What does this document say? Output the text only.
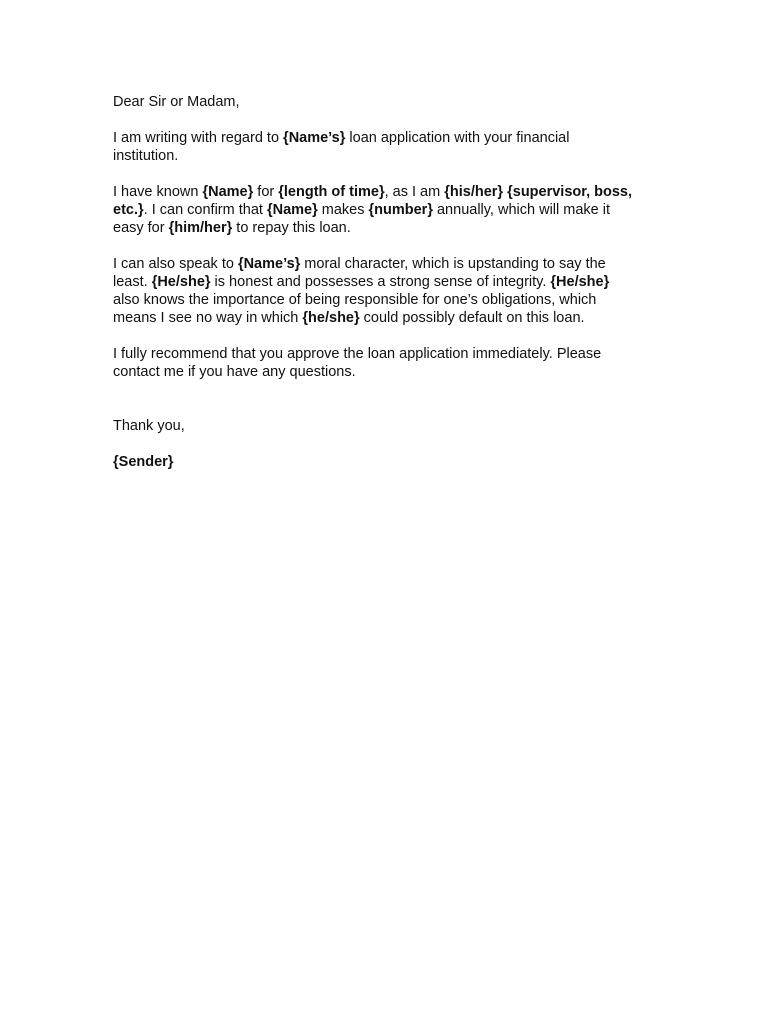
Dear Sir or Madam,

I am writing with regard to {Name’s} loan application with your financial
institution.

I have known {Name} for {length of time}, as I am {his/her} {supervisor, boss,
etc.}. I can confirm that {Name} makes {number} annually, which will make it
easy for {him/her} to repay this loan.

I can also speak to {Name’s} moral character, which is upstanding to say the
least. {He/she} is honest and possesses a strong sense of integrity. {He/she}
also knows the importance of being responsible for one’s obligations, which
means I see no way in which {he/she} could possibly default on this loan.

I fully recommend that you approve the loan application immediately. Please
contact me if you have any questions.

Thank you,

{Sender}
